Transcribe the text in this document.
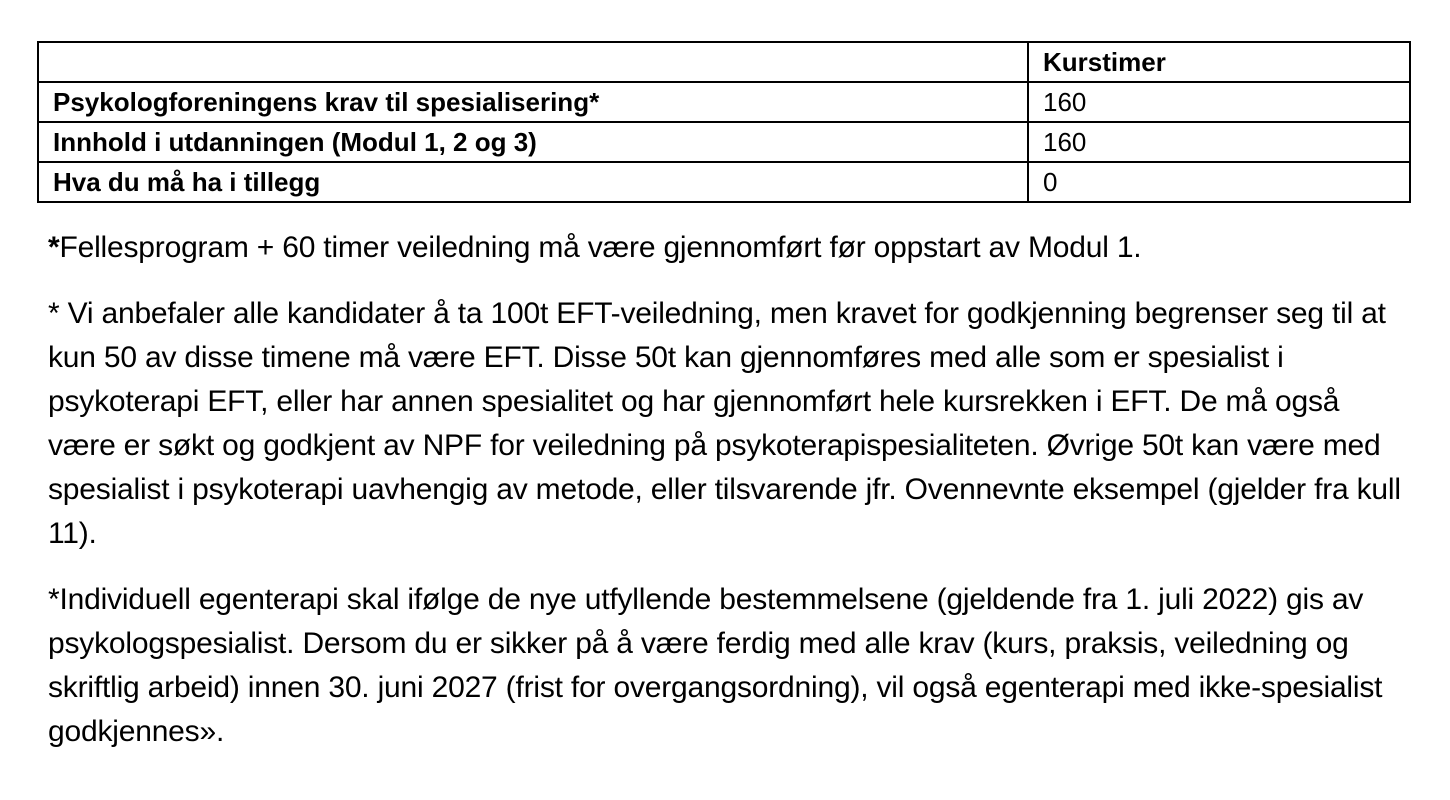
	Kurstimer
Psykologforeningens krav til spesialisering*	160
Innhold i utdanningen (Modul 1, 2 og 3)	160
Hva du må ha i tillegg	0

*Fellesprogram + 60 timer veiledning må være gjennomført før oppstart av Modul 1.

* Vi anbefaler alle kandidater å ta 100t EFT-veiledning, men kravet for godkjenning begrenser seg til at kun 50 av disse timene må være EFT. Disse 50t kan gjennomføres med alle som er spesialist i psykoterapi EFT, eller har annen spesialitet og har gjennomført hele kursrekken i EFT. De må også være er søkt og godkjent av NPF for veiledning på psykoterapispesialiteten. Øvrige 50t kan være med spesialist i psykoterapi uavhengig av metode, eller tilsvarende jfr. Ovennevnte eksempel (gjelder fra kull 11).

*Individuell egenterapi skal ifølge de nye utfyllende bestemmelsene (gjeldende fra 1. juli 2022) gis av psykologspesialist. Dersom du er sikker på å være ferdig med alle krav (kurs, praksis, veiledning og skriftlig arbeid) innen 30. juni 2027 (frist for overgangsordning), vil også egenterapi med ikke-spesialist godkjennes».
